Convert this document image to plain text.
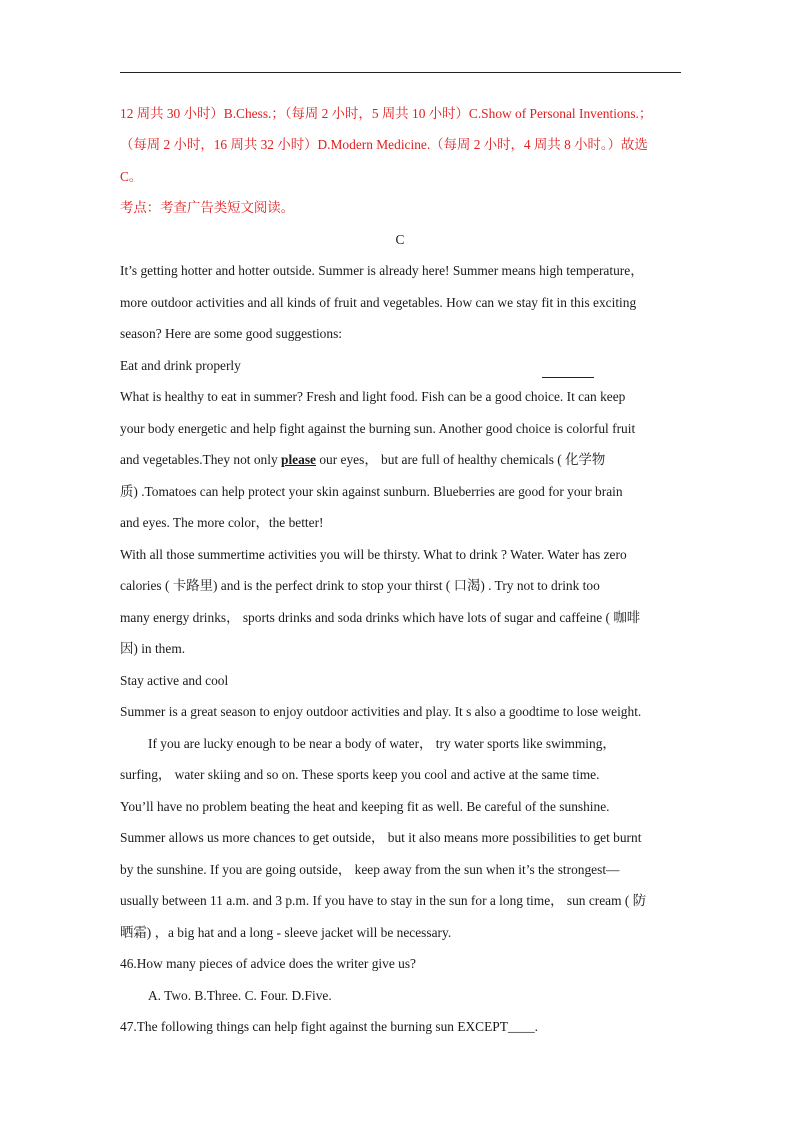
12 周共 30 小时）B.Chess.；（每周 2 小时，5 周共 10 小时）C.Show of Personal Inventions.；
（每周 2 小时，16 周共 32 小时）D.Modern Medicine.（每周 2 小时，4 周共 8 小时。）故选
C。
考点：考查广告类短文阅读。
C
It’s getting hotter and hotter outside. Summer is already here! Summer means high temperature，
more outdoor activities and all kinds of fruit and vegetables. How can we stay fit in this exciting
season? Here are some good suggestions:
Eat and drink properly
What is healthy to eat in summer? Fresh and light food. Fish can be a good choice. It can keep
your body energetic and help fight against the burning sun. Another good choice is colorful fruit
and vegetables.They not only please our eyes， but are full of healthy chemicals ( 化学物
质) .Tomatoes can help protect your skin against sunburn. Blueberries are good for your brain
and eyes. The more color，the better!
With all those summertime activities you will be thirsty. What to drink ? Water. Water has zero
calories ( 卡路里) and is the perfect drink to stop your thirst ( 口渴) . Try not to drink too
many energy drinks， sports drinks and soda drinks which have lots of sugar and caffeine ( 咖啡
因) in them.
Stay active and cool
Summer is a great season to enjoy outdoor activities and play. It s also a goodtime to lose weight.
If you are lucky enough to be near a body of water， try water sports like swimming，
surfing， water skiing and so on. These sports keep you cool and active at the same time.
You’ll have no problem beating the heat and keeping fit as well. Be careful of the sunshine.
Summer allows us more chances to get outside， but it also means more possibilities to get burnt
by the sunshine. If you are going outside， keep away from the sun when it’s the strongest—
usually between 11 a.m. and 3 p.m. If you have to stay in the sun for a long time， sun cream ( 防
晒霜) ，a big hat and a long - sleeve jacket will be necessary.
46.How many pieces of advice does the writer give us?
A. Two. B.Three. C. Four. D.Five.
47.The following things can help fight against the burning sun EXCEPT____.
